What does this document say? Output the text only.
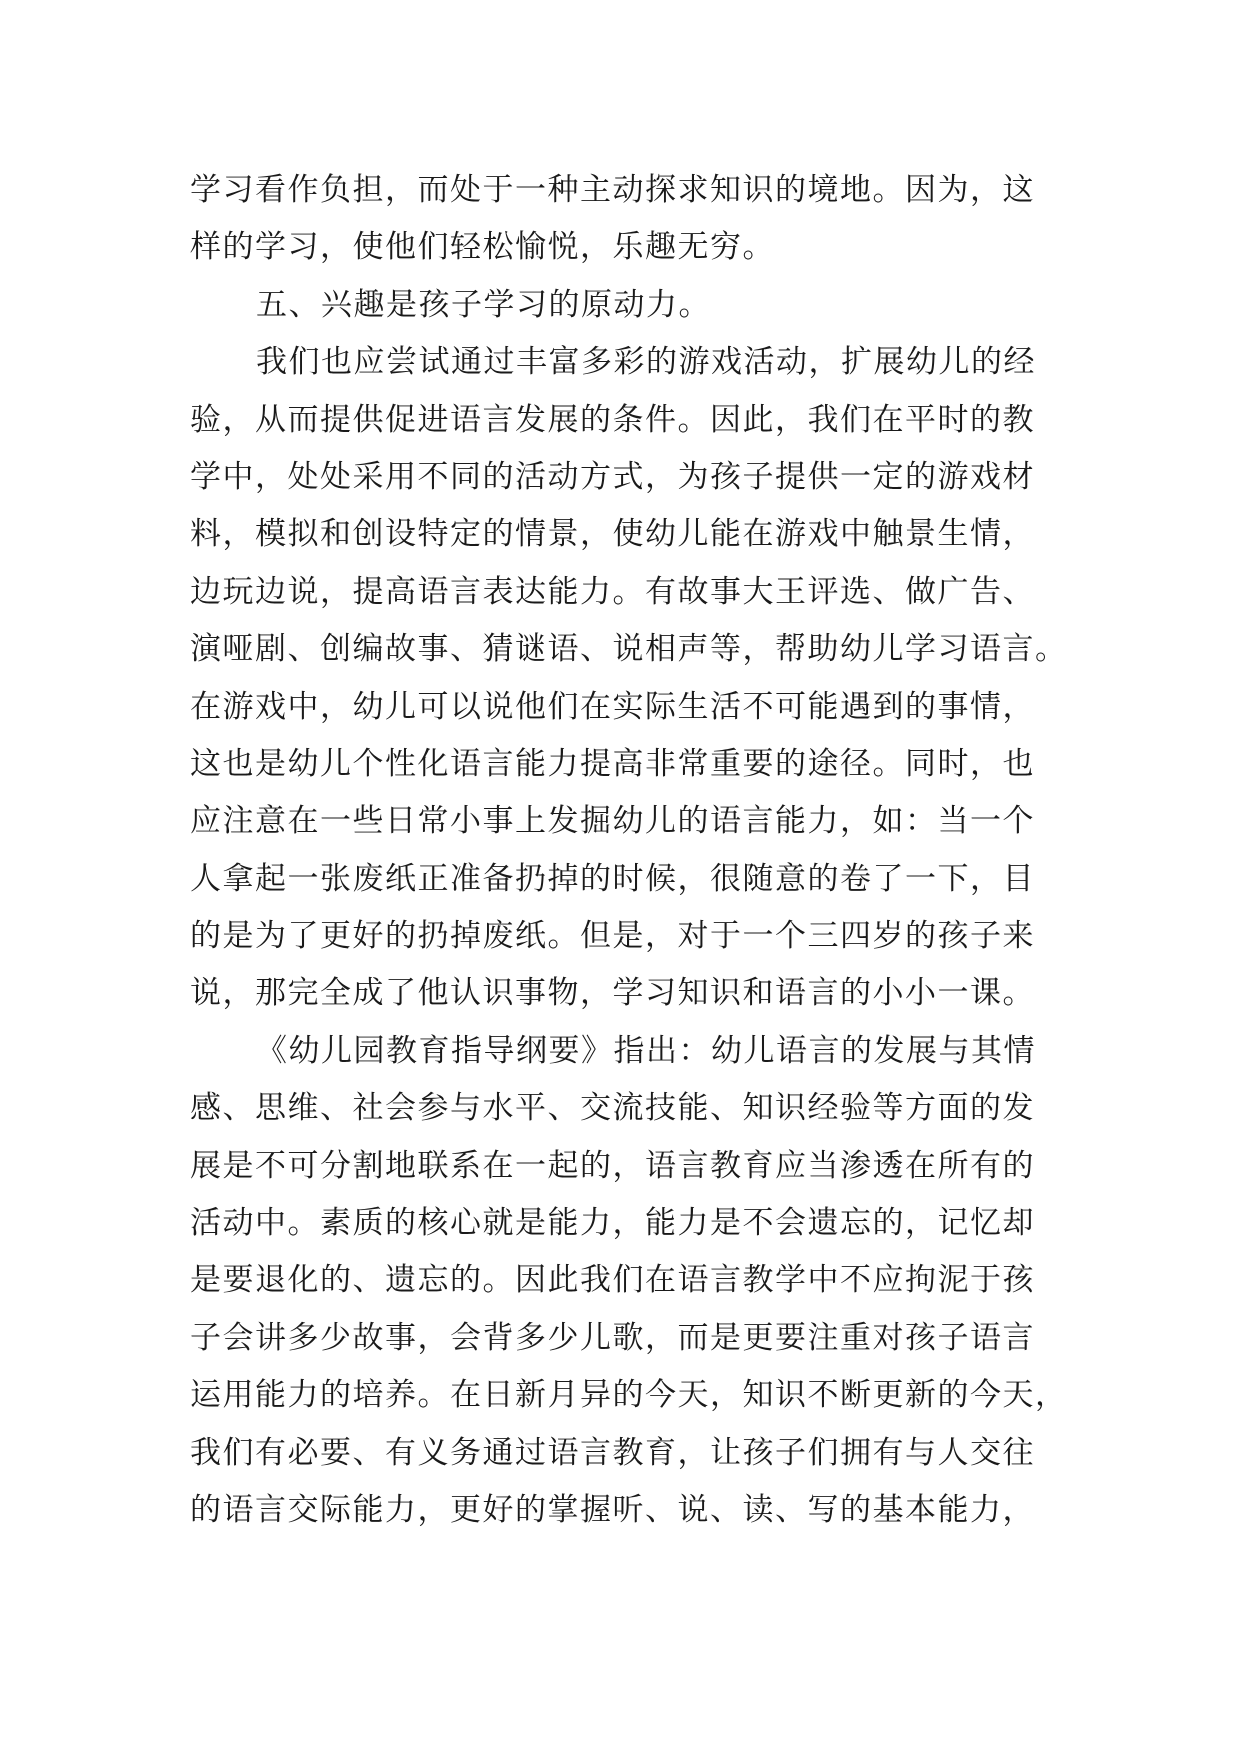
学习看作负担，而处于一种主动探求知识的境地。因为，这
样的学习，使他们轻松愉悦，乐趣无穷。
五、兴趣是孩子学习的原动力。
我们也应尝试通过丰富多彩的游戏活动，扩展幼儿的经
验，从而提供促进语言发展的条件。因此，我们在平时的教
学中，处处采用不同的活动方式，为孩子提供一定的游戏材
料，模拟和创设特定的情景，使幼儿能在游戏中触景生情，
边玩边说，提高语言表达能力。有故事大王评选、做广告、
演哑剧、创编故事、猜谜语、说相声等，帮助幼儿学习语言。
在游戏中，幼儿可以说他们在实际生活不可能遇到的事情，
这也是幼儿个性化语言能力提高非常重要的途径。同时，也
应注意在一些日常小事上发掘幼儿的语言能力，如：当一个
人拿起一张废纸正准备扔掉的时候，很随意的卷了一下，目
的是为了更好的扔掉废纸。但是，对于一个三四岁的孩子来
说，那完全成了他认识事物，学习知识和语言的小小一课。
《幼儿园教育指导纲要》指出：幼儿语言的发展与其情
感、思维、社会参与水平、交流技能、知识经验等方面的发
展是不可分割地联系在一起的，语言教育应当渗透在所有的
活动中。素质的核心就是能力，能力是不会遗忘的，记忆却
是要退化的、遗忘的。因此我们在语言教学中不应拘泥于孩
子会讲多少故事，会背多少儿歌，而是更要注重对孩子语言
运用能力的培养。在日新月异的今天，知识不断更新的今天，
我们有必要、有义务通过语言教育，让孩子们拥有与人交往
的语言交际能力，更好的掌握听、说、读、写的基本能力，
